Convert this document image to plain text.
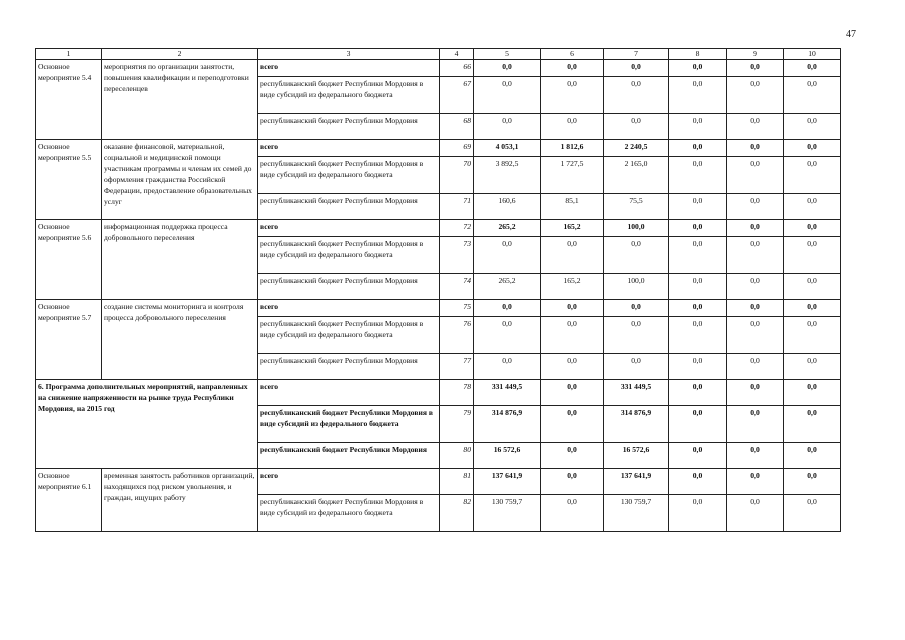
47
1	2	3	4	5	6	7	8	9	10
Основное мероприятие 5.4	мероприятия по организации занятости, повышения квалификации и переподготовки переселенцев	всего	66	0,0	0,0	0,0	0,0	0,0	0,0
		республиканский бюджет Республики Мордовия в виде субсидий из федерального бюджета	67	0,0	0,0	0,0	0,0	0,0	0,0
		республиканский бюджет Республики Мордовия	68	0,0	0,0	0,0	0,0	0,0	0,0
Основное мероприятие 5.5	оказание финансовой, материальной, социальной и медицинской помощи участникам программы и членам их семей до оформления гражданства Российской Федерации, предоставление образовательных услуг	всего	69	4 053,1	1 812,6	2 240,5	0,0	0,0	0,0
		республиканский бюджет Республики Мордовия в виде субсидий из федерального бюджета	70	3 892,5	1 727,5	2 165,0	0,0	0,0	0,0
		республиканский бюджет Республики Мордовия	71	160,6	85,1	75,5	0,0	0,0	0,0
Основное мероприятие 5.6	информационная поддержка процесса добровольного переселения	всего	72	265,2	165,2	100,0	0,0	0,0	0,0
		республиканский бюджет Республики Мордовия в виде субсидий из федерального бюджета	73	0,0	0,0	0,0	0,0	0,0	0,0
		республиканский бюджет Республики Мордовия	74	265,2	165,2	100,0	0,0	0,0	0,0
Основное мероприятие 5.7	создание системы мониторинга и контроля процесса добровольного переселения	всего	75	0,0	0,0	0,0	0,0	0,0	0,0
		республиканский бюджет Республики Мордовия в виде субсидий из федерального бюджета	76	0,0	0,0	0,0	0,0	0,0	0,0
		республиканский бюджет Республики Мордовия	77	0,0	0,0	0,0	0,0	0,0	0,0
6. Программа дополнительных мероприятий, направленных на снижение напряженности на рынке труда Республики Мордовия, на 2015 год		всего	78	331 449,5	0,0	331 449,5	0,0	0,0	0,0
		республиканский бюджет Республики Мордовия в виде субсидий из федерального бюджета	79	314 876,9	0,0	314 876,9	0,0	0,0	0,0
		республиканский бюджет Республики Мордовия	80	16 572,6	0,0	16 572,6	0,0	0,0	0,0
Основное мероприятие 6.1	временная занятость работников организаций, находящихся под риском увольнения, и граждан, ищущих работу	всего	81	137 641,9	0,0	137 641,9	0,0	0,0	0,0
		республиканский бюджет Республики Мордовия в виде субсидий из федерального бюджета	82	130 759,7	0,0	130 759,7	0,0	0,0	0,0
